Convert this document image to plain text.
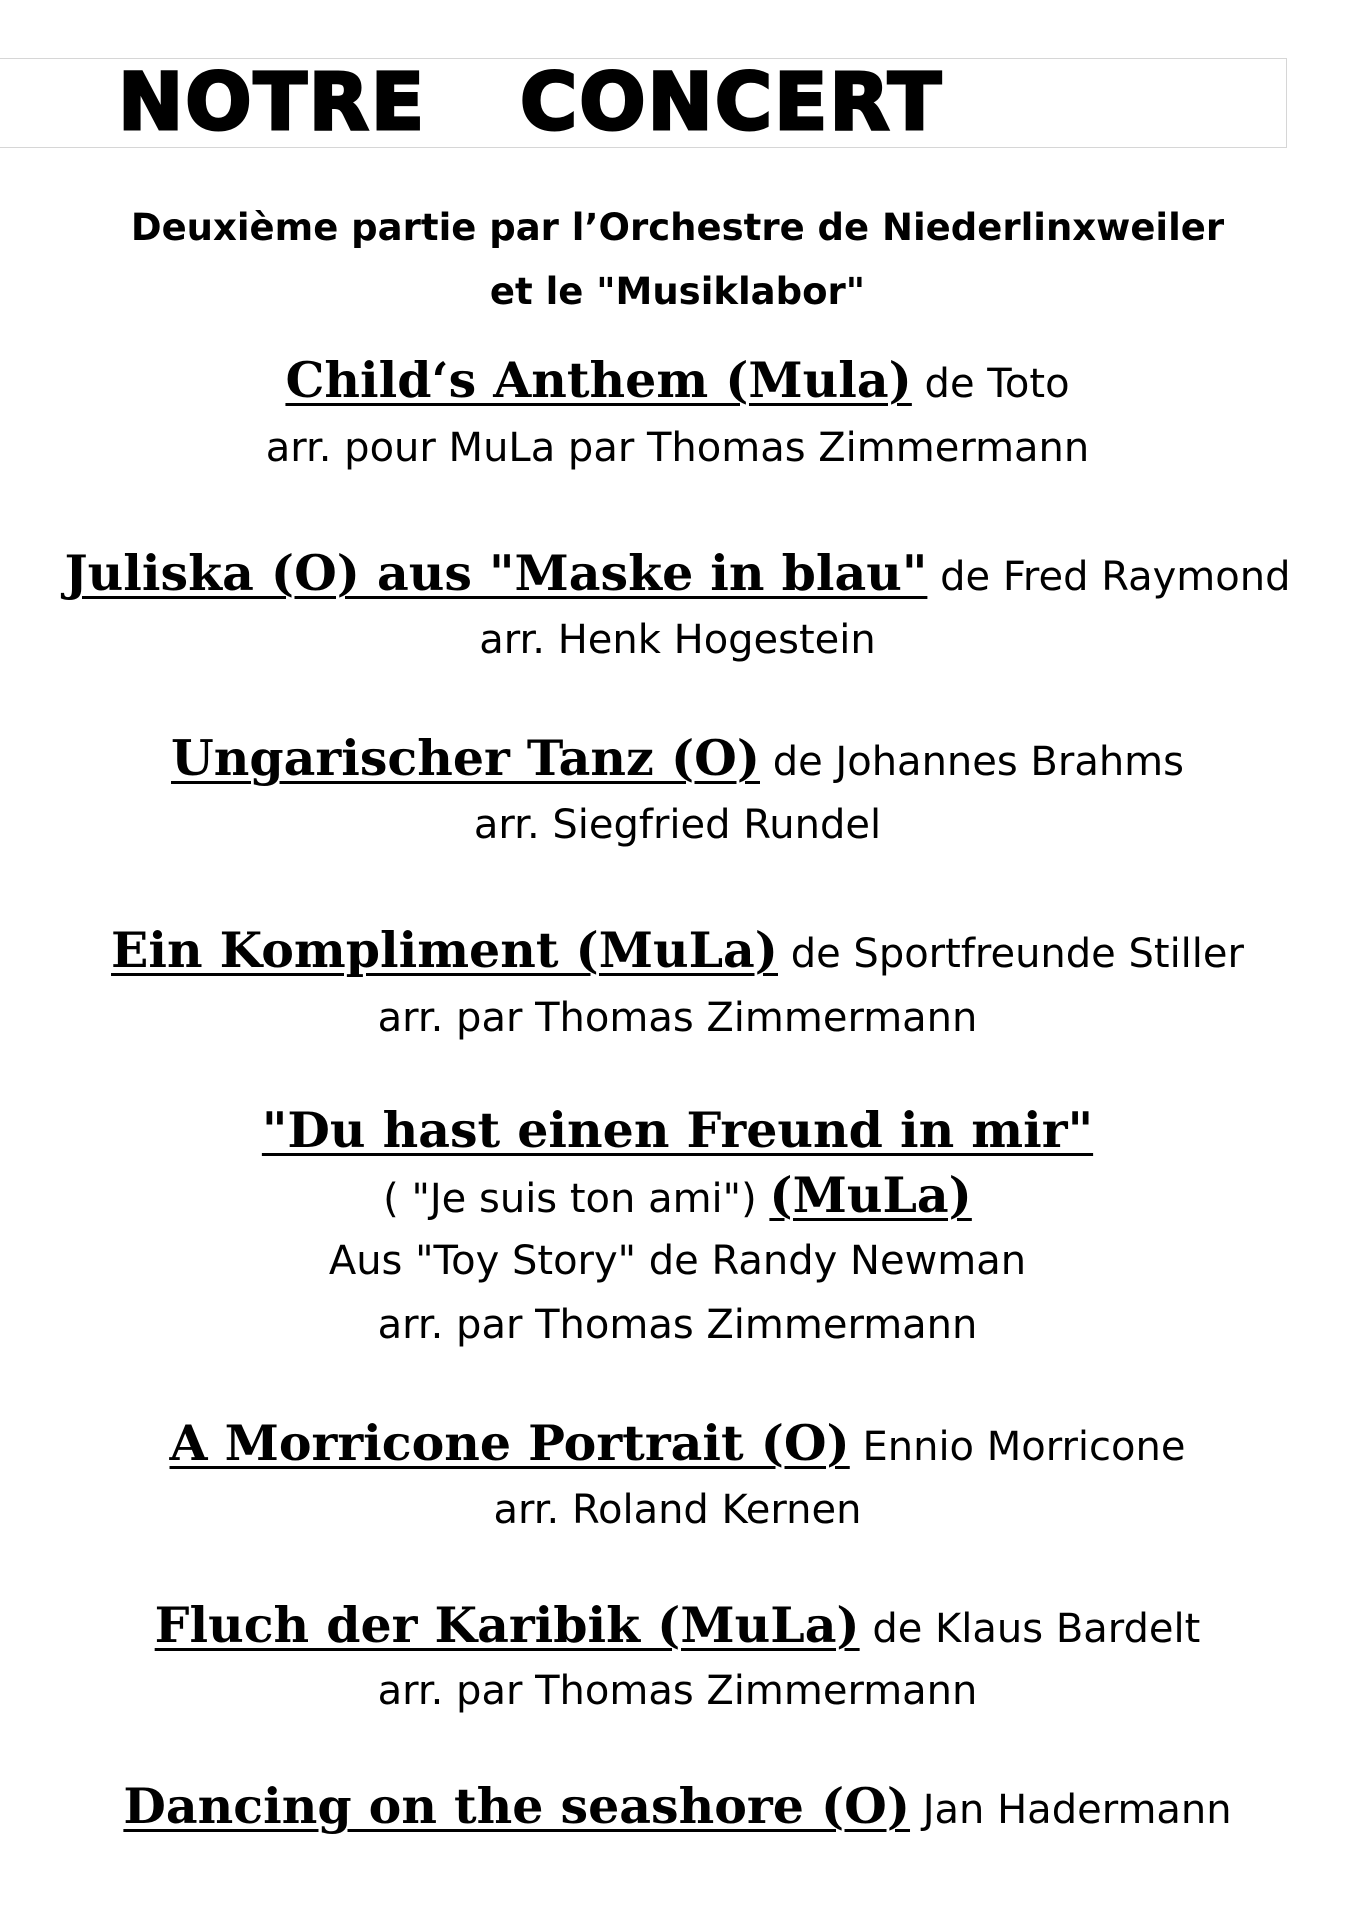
NOTRE CONCERT
Deuxième partie par l’Orchestre de Niederlinxweiler
et le "Musiklabor"
Child‘s Anthem (Mula) de Toto
arr. pour MuLa par Thomas Zimmermann
Juliska (O) aus "Maske in blau" de Fred Raymond
arr. Henk Hogestein
Ungarischer Tanz (O) de Johannes Brahms
arr. Siegfried Rundel
Ein Kompliment (MuLa) de Sportfreunde Stiller
arr. par Thomas Zimmermann
"Du hast einen Freund in mir"
( "Je suis ton ami") (MuLa)
Aus "Toy Story" de Randy Newman
arr. par Thomas Zimmermann
A Morricone Portrait (O) Ennio Morricone
arr. Roland Kernen
Fluch der Karibik (MuLa) de Klaus Bardelt
arr. par Thomas Zimmermann
Dancing on the seashore (O) Jan Hadermann
